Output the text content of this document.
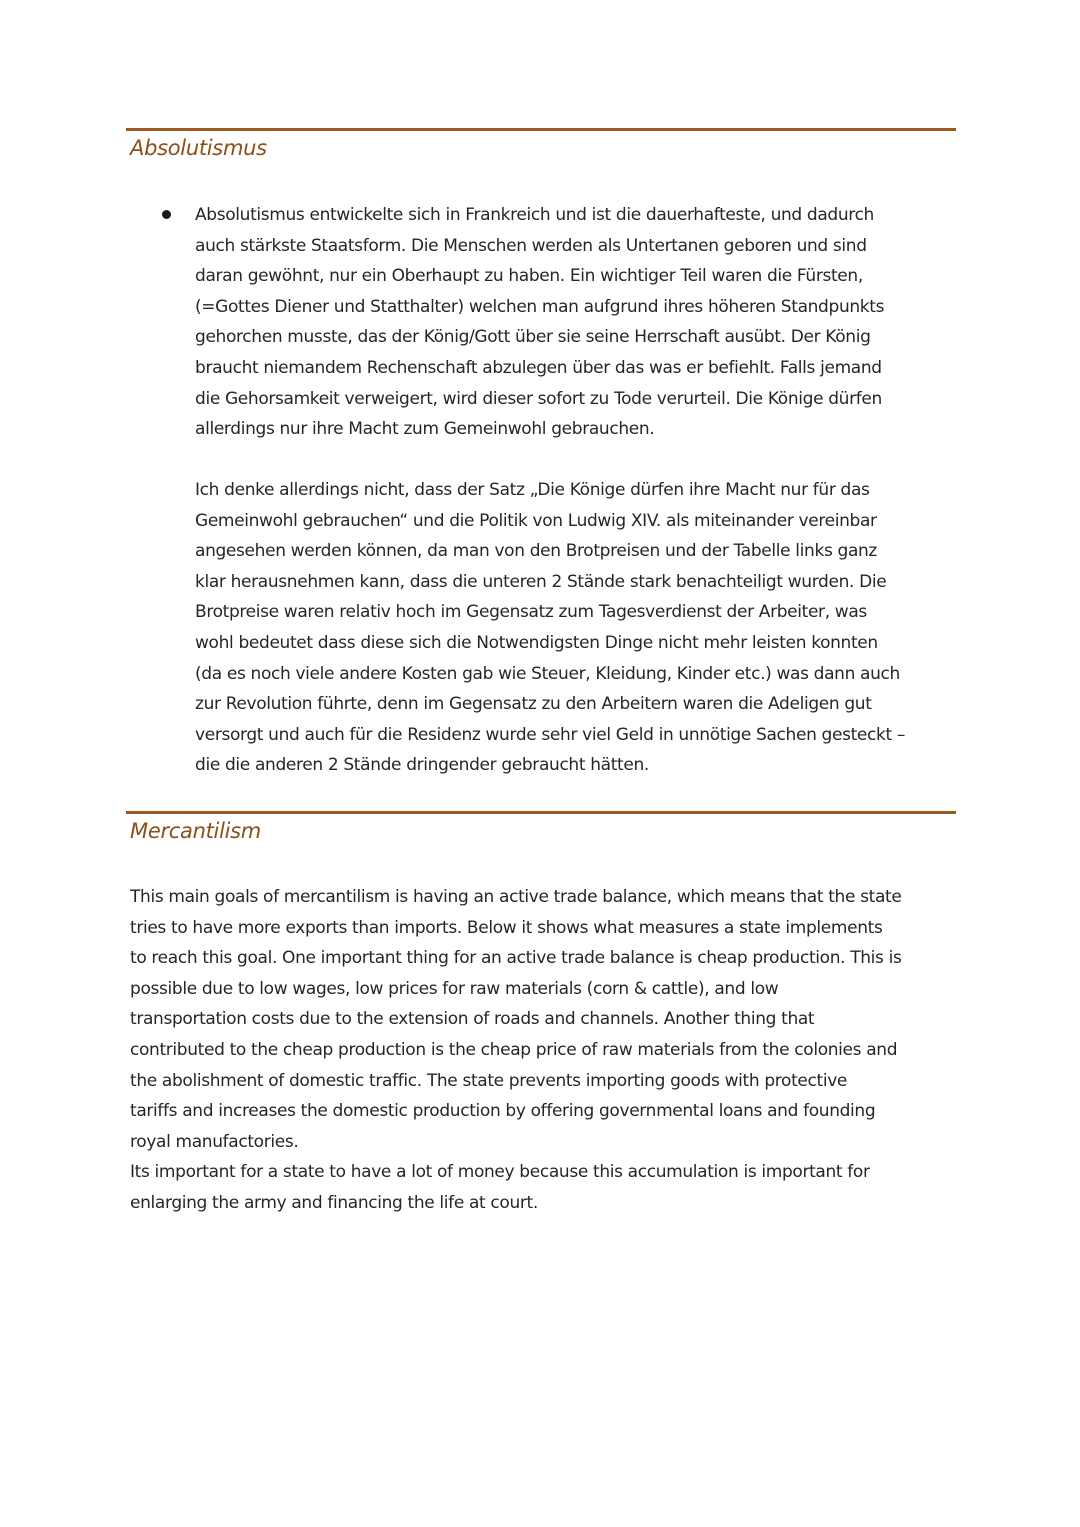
Absolutismus

Absolutismus entwickelte sich in Frankreich und ist die dauerhafteste, und dadurch
auch stärkste Staatsform. Die Menschen werden als Untertanen geboren und sind
daran gewöhnt, nur ein Oberhaupt zu haben. Ein wichtiger Teil waren die Fürsten,
(=Gottes Diener und Statthalter) welchen man aufgrund ihres höheren Standpunkts
gehorchen musste, das der König/Gott über sie seine Herrschaft ausübt. Der König
braucht niemandem Rechenschaft abzulegen über das was er befiehlt. Falls jemand
die Gehorsamkeit verweigert, wird dieser sofort zu Tode verurteil. Die Könige dürfen
allerdings nur ihre Macht zum Gemeinwohl gebrauchen.

Ich denke allerdings nicht, dass der Satz „Die Könige dürfen ihre Macht nur für das
Gemeinwohl gebrauchen“ und die Politik von Ludwig XIV. als miteinander vereinbar
angesehen werden können, da man von den Brotpreisen und der Tabelle links ganz
klar herausnehmen kann, dass die unteren 2 Stände stark benachteiligt wurden. Die
Brotpreise waren relativ hoch im Gegensatz zum Tagesverdienst der Arbeiter, was
wohl bedeutet dass diese sich die Notwendigsten Dinge nicht mehr leisten konnten
(da es noch viele andere Kosten gab wie Steuer, Kleidung, Kinder etc.) was dann auch
zur Revolution führte, denn im Gegensatz zu den Arbeitern waren die Adeligen gut
versorgt und auch für die Residenz wurde sehr viel Geld in unnötige Sachen gesteckt –
die die anderen 2 Stände dringender gebraucht hätten.

Mercantilism

This main goals of mercantilism is having an active trade balance, which means that the state
tries to have more exports than imports. Below it shows what measures a state implements
to reach this goal. One important thing for an active trade balance is cheap production. This is
possible due to low wages, low prices for raw materials (corn & cattle), and low
transportation costs due to the extension of roads and channels. Another thing that
contributed to the cheap production is the cheap price of raw materials from the colonies and
the abolishment of domestic traffic. The state prevents importing goods with protective
tariffs and increases the domestic production by offering governmental loans and founding
royal manufactories.
Its important for a state to have a lot of money because this accumulation is important for
enlarging the army and financing the life at court.
